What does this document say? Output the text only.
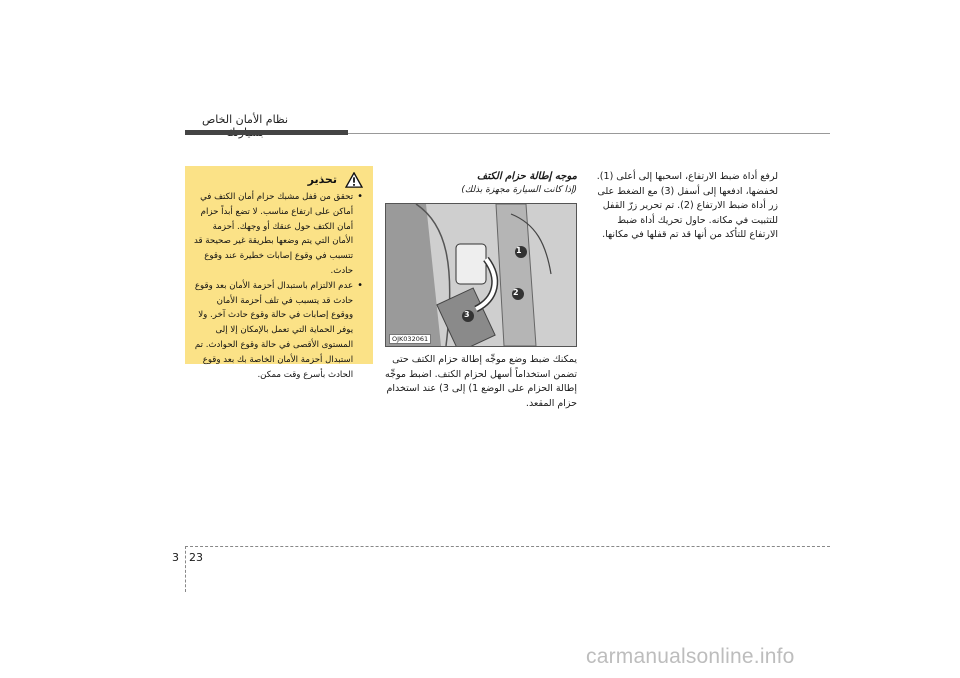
نظام الأمان الخاص
تحذير
•
تحقق من قفل مشبك حزام أمان الكتف في أماكن على ارتفاع مناسب. لا تضع أبداً حزام أمان الكتف حول عنقك أو وجهك. أحزمة الأمان التي يتم وضعها بطريقة غير صحيحة قد تتسبب في وقوع إصابات خطيرة عند وقوع حادث.
•
عدم الالتزام باستبدال أحزمة الأمان بعد وقوع حادث قد يتسبب في تلف أحزمة الأمان ووقوع إصابات في حالة وقوع حادث آخر. ولا يوفر الحماية التي تعمل بالإمكان إلا إلى المستوى الأقصى في حالة وقوع الحوادث. تم استبدال أحزمة الأمان الخاصة بك بعد وقوع الحادث بأسرع وقت ممكن.
موجه إطالة حزام الكتف
(إذا كانت السيارة مجهزة بذلك)
1
2
3
OJK032061
يمكنك ضبط وضع موجِّه إطالة حزام الكتف حتى تضمن استخداماً أسهل لحزام الكتف. اضبط موجِّه إطالة الحزام على الوضع 1) إلى 3) عند استخدام حزام المقعد.
لرفع أداة ضبط الارتفاع، اسحبها إلى أعلى (1). لخفضها، ادفعها إلى أسفل (3) مع الضغط على زر أداة ضبط الارتفاع (2). تم تحرير زرّ القفل للتثبيت في مكانه. حاول تحريك أداة ضبط الارتفاع للتأكد من أنها قد تم قفلها في مكانها.
3 23
carmanualsonline.info
